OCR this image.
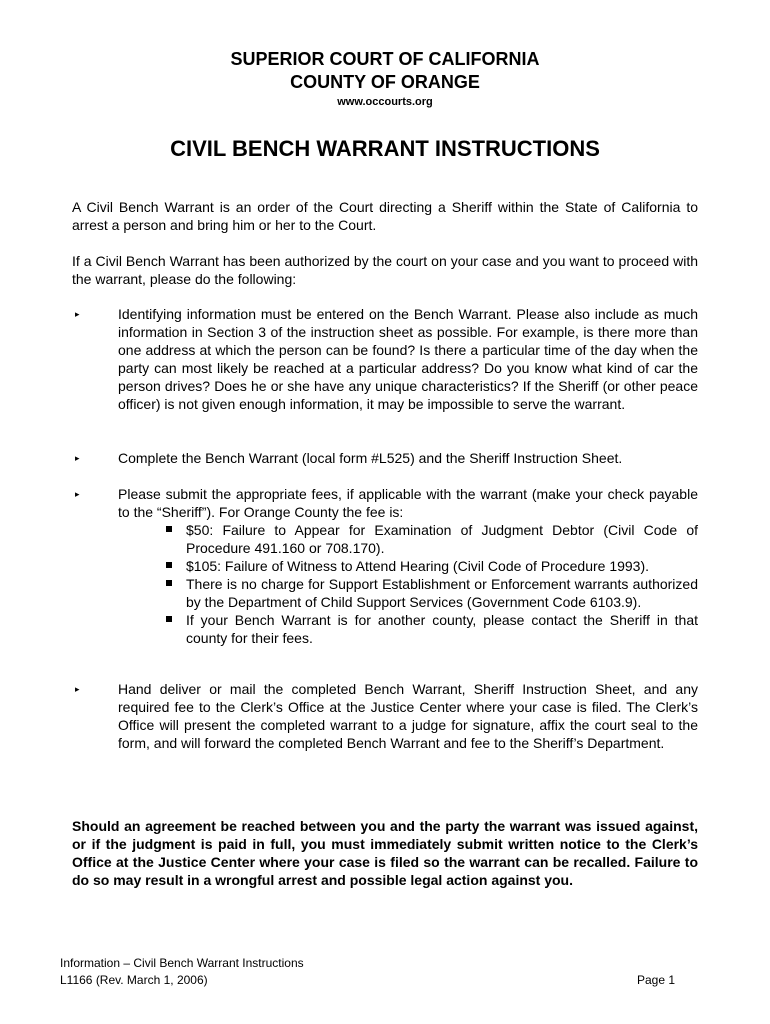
SUPERIOR COURT OF CALIFORNIA
COUNTY OF ORANGE
www.occourts.org
CIVIL BENCH WARRANT INSTRUCTIONS
A Civil Bench Warrant is an order of the Court directing a Sheriff within the State of California to arrest a person and bring him or her to the Court.
If a Civil Bench Warrant has been authorized by the court on your case and you want to proceed with the warrant, please do the following:
▸	Identifying information must be entered on the Bench Warrant. Please also include as much information in Section 3 of the instruction sheet as possible. For example, is there more than one address at which the person can be found? Is there a particular time of the day when the party can most likely be reached at a particular address? Do you know what kind of car the person drives? Does he or she have any unique characteristics? If the Sheriff (or other peace officer) is not given enough information, it may be impossible to serve the warrant.
▸	Complete the Bench Warrant (local form #L525) and the Sheriff Instruction Sheet.
▸	Please submit the appropriate fees, if applicable with the warrant (make your check payable to the “Sheriff”). For Orange County the fee is:
$50: Failure to Appear for Examination of Judgment Debtor (Civil Code of Procedure 491.160 or 708.170).
$105: Failure of Witness to Attend Hearing (Civil Code of Procedure 1993).
There is no charge for Support Establishment or Enforcement warrants authorized by the Department of Child Support Services (Government Code 6103.9).
If your Bench Warrant is for another county, please contact the Sheriff in that county for their fees.
▸	Hand deliver or mail the completed Bench Warrant, Sheriff Instruction Sheet, and any required fee to the Clerk’s Office at the Justice Center where your case is filed. The Clerk’s Office will present the completed warrant to a judge for signature, affix the court seal to the form, and will forward the completed Bench Warrant and fee to the Sheriff’s Department.
Should an agreement be reached between you and the party the warrant was issued against, or if the judgment is paid in full, you must immediately submit written notice to the Clerk’s Office at the Justice Center where your case is filed so the warrant can be recalled. Failure to do so may result in a wrongful arrest and possible legal action against you.
Information – Civil Bench Warrant Instructions
L1166 (Rev. March 1, 2006)	Page 1
